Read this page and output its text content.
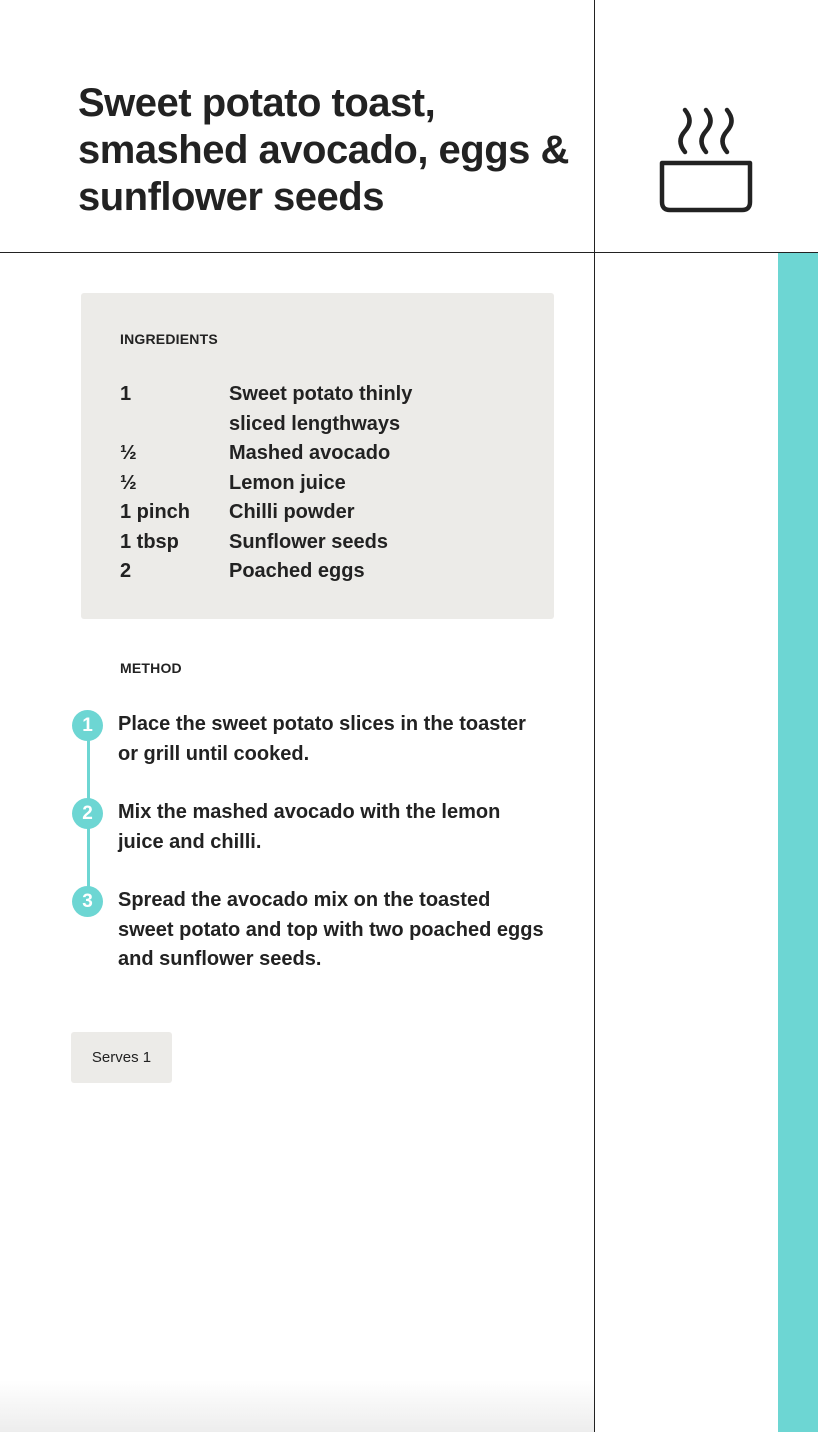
Sweet potato toast, smashed avocado, eggs & sunflower seeds
INGREDIENTS
1	Sweet potato thinly sliced lengthways
½	Mashed avocado
½	Lemon juice
1 pinch	Chilli powder
1 tbsp	Sunflower seeds
2	Poached eggs
METHOD
1	Place the sweet potato slices in the toaster or grill until cooked.
2	Mix the mashed avocado with the lemon juice and chilli.
3	Spread the avocado mix on the toasted sweet potato and top with two poached eggs and sunflower seeds.
Serves 1
